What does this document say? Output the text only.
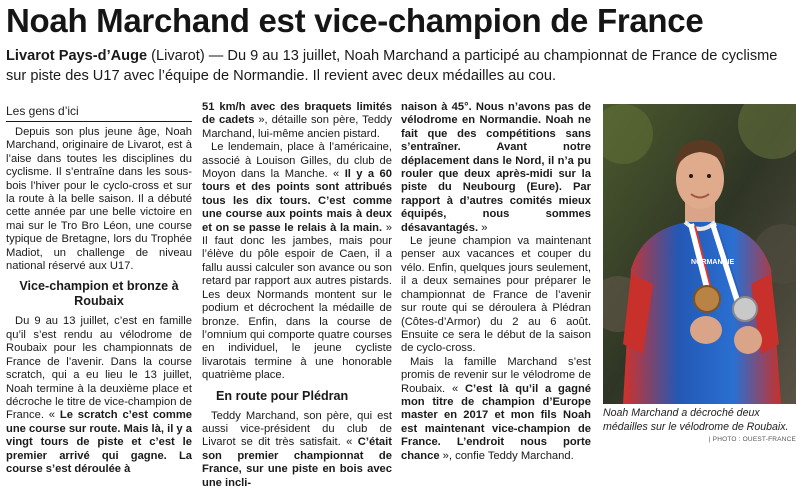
Noah Marchand est vice-champion de France
Livarot Pays-d’Auge (Livarot) — Du 9 au 13 juillet, Noah Marchand a participé au championnat de France de cyclisme sur piste des U17 avec l’équipe de Normandie. Il revient avec deux médailles au cou.
Les gens d’ici

Depuis son plus jeune âge, Noah Marchand, originaire de Livarot, est à l’aise dans toutes les disciplines du cyclisme. Il s’entraîne dans les sous-bois l’hiver pour le cyclo-cross et sur la route à la belle saison. Il a débuté cette année par une belle victoire en mai sur le Tro Bro Léon, une course typique de Bretagne, lors du Trophée Madiot, un challenge de niveau national réservé aux U17.

Vice-champion et bronze à Roubaix

Du 9 au 13 juillet, c’est en famille qu’il s’est rendu au vélodrome de Roubaix pour les championnats de France de l’avenir. Dans la course scratch, qui a eu lieu le 13 juillet, Noah termine à la deuxième place et décroche le titre de vice-champion de France. « Le scratch c’est comme une course sur route. Mais là, il y a vingt tours de piste et c’est le premier arrivé qui gagne. La course s’est déroulée à

51 km/h avec des braquets limités de cadets », détaille son père, Teddy Marchand, lui-même ancien pistard.

Le lendemain, place à l’américaine, associé à Louison Gilles, du club de Moyon dans la Manche. « Il y a 60 tours et des points sont attribués tous les dix tours. C’est comme une course aux points mais à deux et on se passe le relais à la main. » Il faut donc les jambes, mais pour l’élève du pôle espoir de Caen, il a fallu aussi calculer son avance ou son retard par rapport aux autres pistards. Les deux Normands montent sur le podium et décrochent la médaille de bronze. Enfin, dans la course de l’omnium qui comporte quatre courses en individuel, le jeune cycliste livarotais termine à une honorable quatrième place.

En route pour Plédran

Teddy Marchand, son père, qui est aussi vice-président du club de Livarot se dit très satisfait. « C’était son premier championnat de France, sur une piste en bois avec une incli-

naison à 45°. Nous n’avons pas de vélodrome en Normandie. Noah ne fait que des compétitions sans s’entraîner. Avant notre déplacement dans le Nord, il n’a pu rouler que deux après-midi sur la piste du Neubourg (Eure). Par rapport à d’autres comités mieux équipés, nous sommes désavantagés. »

Le jeune champion va maintenant penser aux vacances et couper du vélo. Enfin, quelques jours seulement, il a deux semaines pour préparer le championnat de France de l’avenir sur route qui se déroulera à Plédran (Côtes-d’Armor) du 2 au 6 août. Ensuite ce sera le début de la saison de cyclo-cross.

Mais la famille Marchand s’est promis de revenir sur le vélodrome de Roubaix. « C’est là qu’il a gagné mon titre de champion d’Europe master en 2017 et mon fils Noah est maintenant vice-champion de France. L’endroit nous porte chance », confie Teddy Marchand.

NORMANDIE
Noah Marchand a décroché deux médailles sur le vélodrome de Roubaix.
| PHOTO : OUEST-FRANCE
